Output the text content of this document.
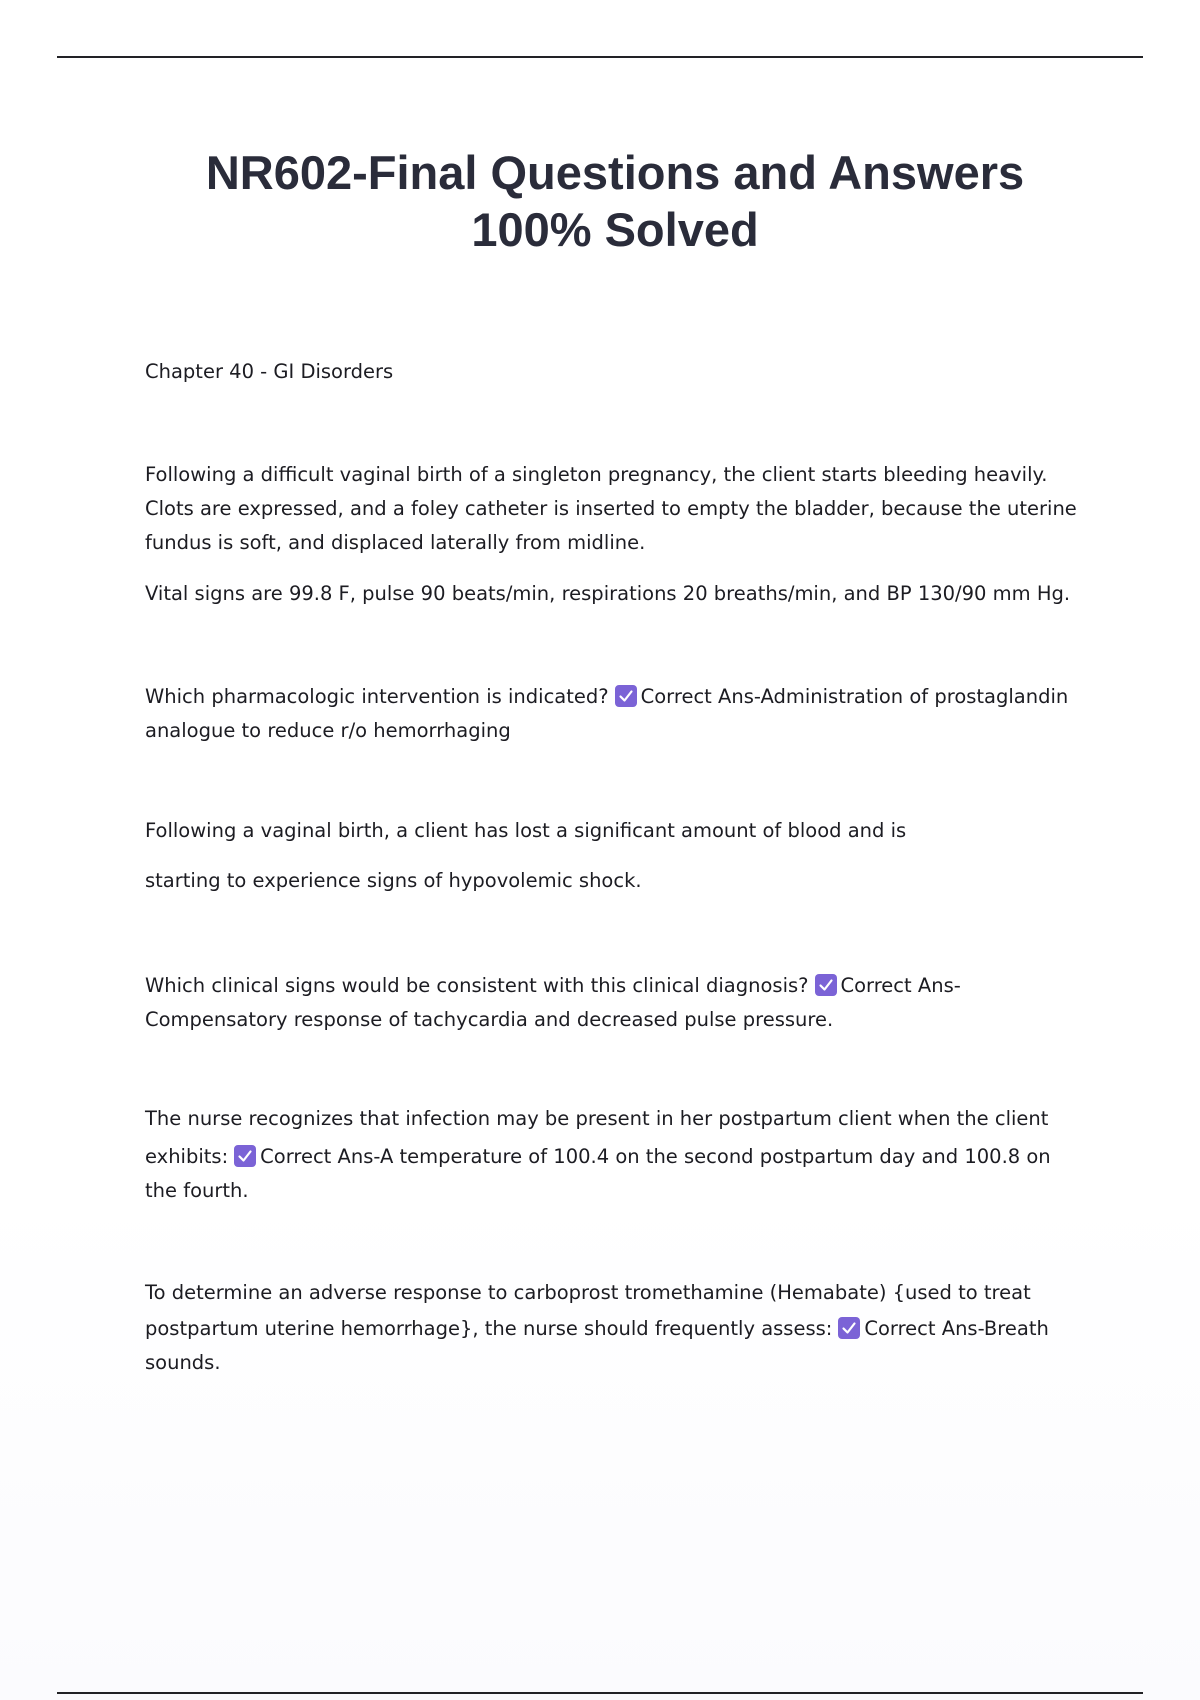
NR602-Final Questions and Answers
100% Solved
Chapter 40 - GI Disorders
Following a difficult vaginal birth of a singleton pregnancy, the client starts bleeding heavily.
Clots are expressed, and a foley catheter is inserted to empty the bladder, because the uterine
fundus is soft, and displaced laterally from midline.
Vital signs are 99.8 F, pulse 90 beats/min, respirations 20 breaths/min, and BP 130/90 mm Hg.
Which pharmacologic intervention is indicated? Correct Ans-Administration of prostaglandin
analogue to reduce r/o hemorrhaging
Following a vaginal birth, a client has lost a significant amount of blood and is
starting to experience signs of hypovolemic shock.
Which clinical signs would be consistent with this clinical diagnosis? Correct Ans-
Compensatory response of tachycardia and decreased pulse pressure.
The nurse recognizes that infection may be present in her postpartum client when the client
exhibits: Correct Ans-A temperature of 100.4 on the second postpartum day and 100.8 on
the fourth.
To determine an adverse response to carboprost tromethamine (Hemabate) {used to treat
postpartum uterine hemorrhage}, the nurse should frequently assess: Correct Ans-Breath
sounds.
